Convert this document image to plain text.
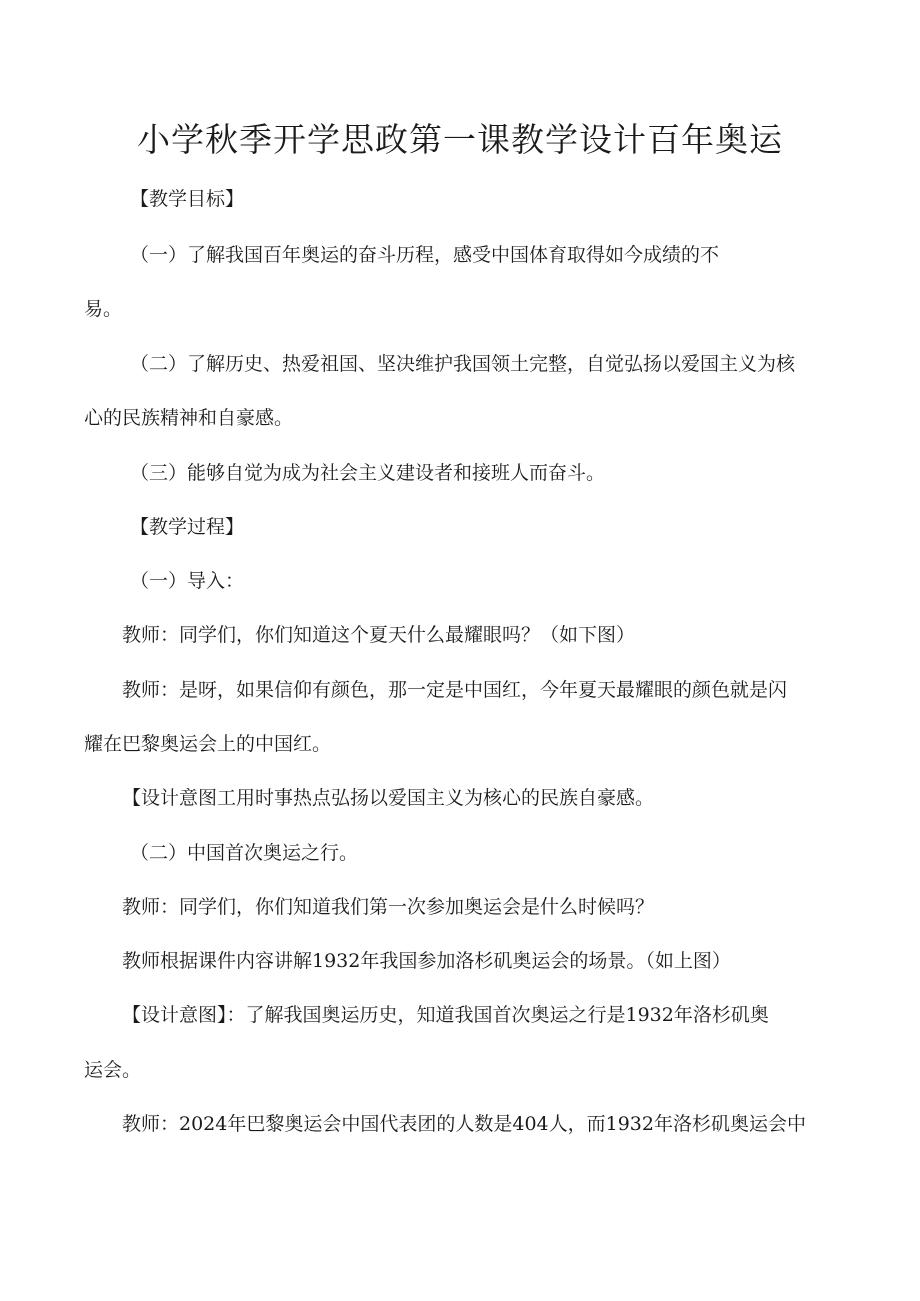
小学秋季开学思政第一课教学设计百年奥运

【教学目标】

（一）了解我国百年奥运的奋斗历程，感受中国体育取得如今成绩的不

易。

（二）了解历史、热爱祖国、坚决维护我国领土完整，自觉弘扬以爱国主义为核

心的民族精神和自豪感。

（三）能够自觉为成为社会主义建设者和接班人而奋斗。

【教学过程】

（一）导入：

教师：同学们，你们知道这个夏天什么最耀眼吗？（如下图）

教师：是呀，如果信仰有颜色，那一定是中国红，今年夏天最耀眼的颜色就是闪

耀在巴黎奥运会上的中国红。

【设计意图工用时事热点弘扬以爱国主义为核心的民族自豪感。

（二）中国首次奥运之行。

教师：同学们，你们知道我们第一次参加奥运会是什么时候吗？

教师根据课件内容讲解1932年我国参加洛杉矶奥运会的场景。（如上图）

【设计意图】：了解我国奥运历史，知道我国首次奥运之行是1932年洛杉矶奥

运会。

教师：2024年巴黎奥运会中国代表团的人数是404人，而1932年洛杉矶奥运会中
